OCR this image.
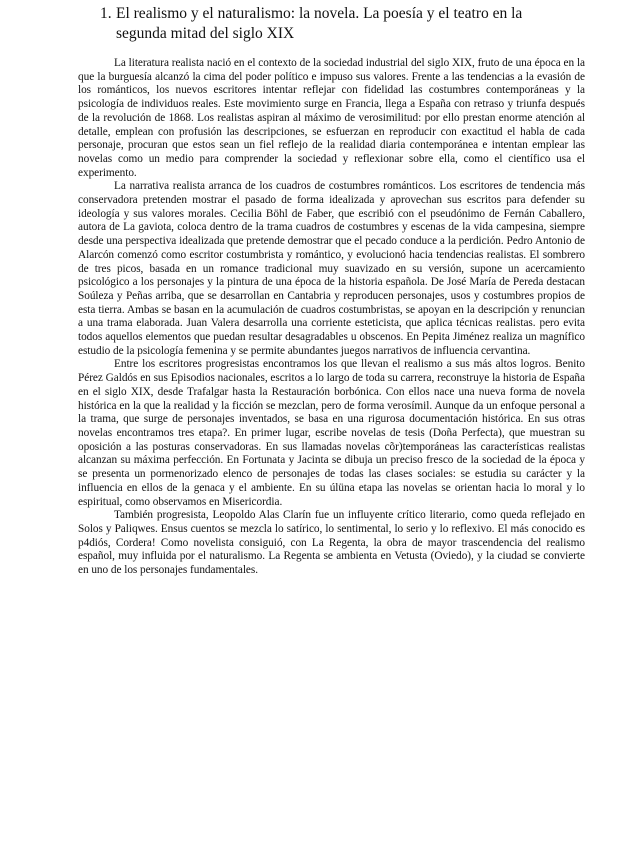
1. El realismo y el naturalismo: la novela. La poesía y el teatro en la
segunda mitad del siglo XIX

La literatura realista nació en el contexto de la sociedad industrial del siglo XIX, fruto de una época en la que la burguesía alcanzó la cima del poder político e impuso sus valores. Frente a las tendencias a la evasión de los románticos, los nuevos escritores intentar reflejar con fidelidad las costumbres contemporáneas y la psicología de individuos reales. Este movimiento surge en Francia, llega a España con retraso y triunfa después de la revolución de 1868. Los realistas aspiran al máximo de verosimilitud: por ello prestan enorme atención al detalle, emplean con profusión las descripciones, se esfuerzan en reproducir con exactitud el habla de cada personaje, procuran que estos sean un fiel reflejo de la realidad diaria contemporánea e intentan emplear las novelas como un medio para comprender la sociedad y reflexionar sobre ella, como el científico usa el experimento.

La narrativa realista arranca de los cuadros de costumbres románticos. Los escritores de tendencia más conservadora pretenden mostrar el pasado de forma idealizada y aprovechan sus escritos para defender su ideología y sus valores morales. Cecilia Böhl de Faber, que escribió con el pseudónimo de Fernán Caballero, autora de La gaviota, coloca dentro de la trama cuadros de costumbres y escenas de la vida campesina, siempre desde una perspectiva idealizada que pretende demostrar que el pecado conduce a la perdición. Pedro Antonio de Alarcón comenzó como escritor costumbrista y romántico, y evolucionó hacia tendencias realistas. El sombrero de tres picos, basada en un romance tradicional muy suavizado en su versión, supone un acercamiento psicológico a los personajes y la pintura de una época de la historia española. De José María de Pereda destacan Soúleza y Peñas arriba, que se desarrollan en Cantabria y reproducen personajes, usos y costumbres propios de esta tierra. Ambas se basan en la acumulación de cuadros costumbristas, se apoyan en la descripción y renuncian a una trama elaborada. Juan Valera desarrolla una corriente esteticista, que aplica técnicas realistas. pero evita todos aquellos elementos que puedan resultar desagradables u obscenos. En Pepita Jiménez realiza un magnífico estudio de la psicología femenina y se permite abundantes juegos narrativos de influencia cervantina.

Entre los escritores progresistas encontramos los que llevan el realismo a sus más altos logros. Benito Pérez Galdós en sus Episodios nacionales, escritos a lo largo de toda su carrera, reconstruye la historia de España en el siglo XIX, desde Trafalgar hasta la Restauración borbónica. Con ellos nace una nueva forma de novela histórica en la que la realidad y la ficción se mezclan, pero de forma verosímil. Aunque da un enfoque personal a la trama, que surge de personajes inventados, se basa en una rigurosa documentación histórica. En sus otras novelas encontramos tres etapa?. En primer lugar, escribe novelas de tesis (Doña Perfecta), que muestran su oposición a las posturas conservadoras. En sus llamadas novelas cõr)temporáneas las características realistas alcanzan su máxima perfección. En Fortunata y Jacinta se dibuja un preciso fresco de la sociedad de la época y se presenta un pormenorizado elenco de personajes de todas las clases sociales: se estudia su carácter y la influencia en ellos de la genaca y el ambiente. En su úlüna etapa las novelas se orientan hacia lo moral y lo espiritual, como observamos en Misericordia.

También progresista, Leopoldo Alas Clarín fue un influyente crítico literario, como queda reflejado en Solos y Paliqwes. Ensus cuentos se mezcla lo satírico, lo sentimental, lo serio y lo reflexivo. El más conocido es p4diós, Cordera! Como novelista consiguió, con La Regenta, la obra de mayor trascendencia del realismo español, muy influida por el naturalismo. La Regenta se ambienta en Vetusta (Oviedo), y la ciudad se convierte en uno de los personajes fundamentales.
